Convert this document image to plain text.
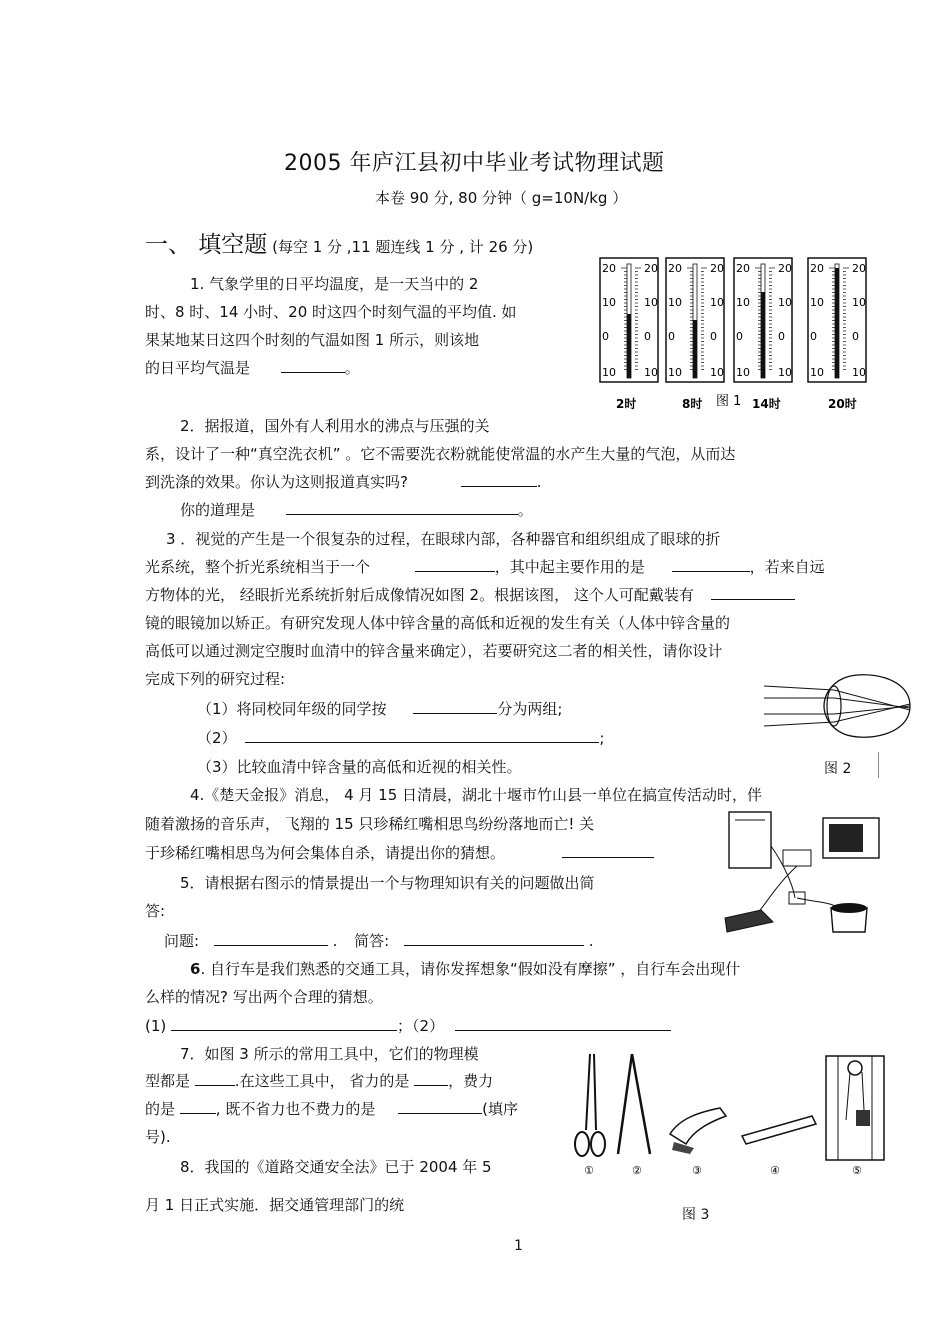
2005 年庐江县初中毕业考试物理试题
本卷 90 分, 80 分钟（ g=10N/kg ）
一、 填空题 (每空 1 分 ,11 题连线 1 分 , 计 26 分)
1. 气象学里的日平均温度，是一天当中的 2
时、8 时、14 小时、20 时这四个时刻气温的平均值. 如
果某地某日这四个时刻的气温如图 1 所示，则该地
的日平均气温是	。
20	20
10	10
0	0
10	10
20	20
10	10
0	0
10	10
20	20
10	10
0	0
10	10
20	20
10	10
0	0
10	10
2时	8时 图 1 14时	20时
2．据报道，国外有人利用水的沸点与压强的关
系，设计了一种“真空洗衣机” 。它不需要洗衣粉就能使常温的水产生大量的气泡，从而达
到洗涤的效果。你认为这则报道真实吗?	.
你的道理是	。
3 ．视觉的产生是一个很复杂的过程，在眼球内部，各种器官和组织组成了眼球的折
光系统，整个折光系统相当于一个	，其中起主要作用的是	，若来自远
方物体的光， 经眼折光系统折射后成像情况如图 2。根据该图， 这个人可配戴装有
镜的眼镜加以矫正。有研究发现人体中锌含量的高低和近视的发生有关（人体中锌含量的
高低可以通过测定空腹时血清中的锌含量来确定），若要研究这二者的相关性，请你设计
完成下列的研究过程:
（1）将同校同年级的同学按	分为两组;
（2）	;
（3）比较血清中锌含量的高低和近视的相关性。	图 2
4.《楚天金报》消息， 4 月 15 日清晨，湖北十堰市竹山县一单位在搞宣传活动时，伴
随着激扬的音乐声， 飞翔的 15 只珍稀红嘴相思鸟纷纷落地而亡! 关
于珍稀红嘴相思鸟为何会集体自杀，请提出你的猜想。
5．请根据右图示的情景提出一个与物理知识有关的问题做出简
答:
问题:	. 简答:	.
6. 自行车是我们熟悉的交通工具，请你发挥想象“假如没有摩擦” ，自行车会出现什
么样的情况? 写出两个合理的猜想。
(1)	；（2）
7．如图 3 所示的常用工具中，它们的物理模
型都是	.在这些工具中， 省力的是	，费力
的是	, 既不省力也不费力的是	(填序
号).
①	②	③	④	⑤
图 3
8．我国的《道路交通安全法》已于 2004 年 5
月 1 日正式实施．据交通管理部门的统
1
